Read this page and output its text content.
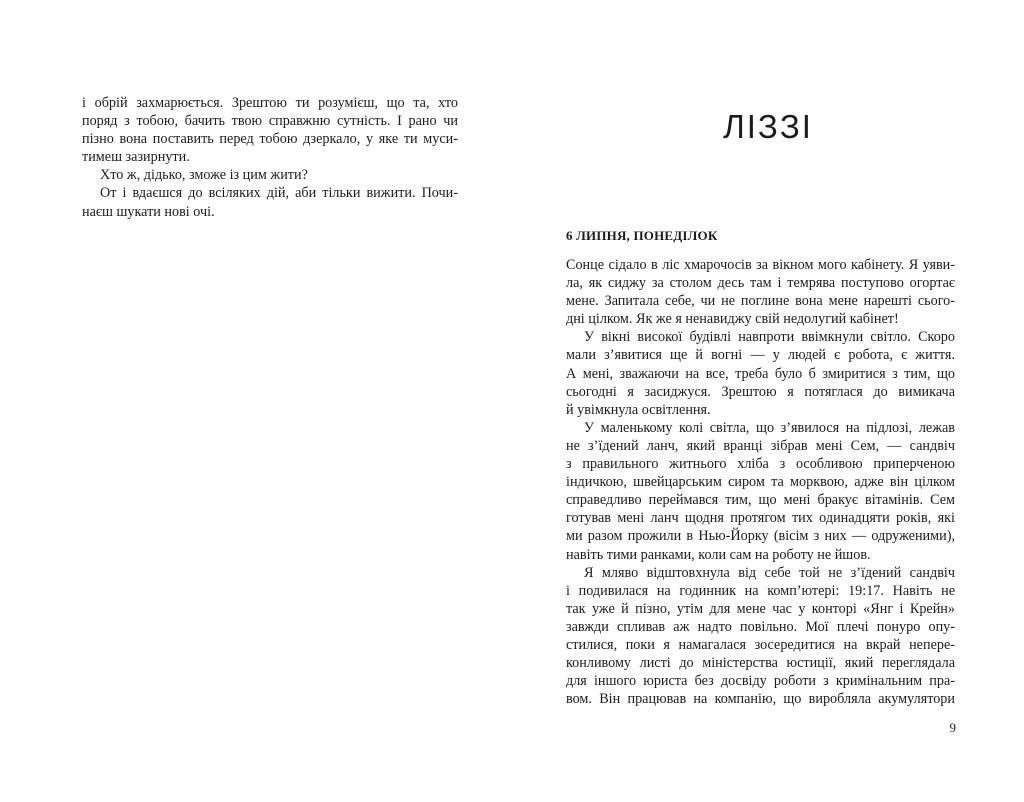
і обрій захмарюється. Зрештою ти розумієш, що та, хто
поряд з тобою, бачить твою справжню сутність. І рано чи
пізно вона поставить перед тобою дзеркало, у яке ти муси-
тимеш зазирнути.

Хто ж, дідько, зможе із цим жити?

От і вдаєшся до всіляких дій, аби тільки вижити. Почи-
наєш шукати нові очі.

ЛІЗЗІ
6 ЛИПНЯ, ПОНЕДІЛОК

Сонце сідало в ліс хмарочосів за вікном мого кабінету. Я уяви-
ла, як сиджу за столом десь там і темрява поступово огортає
мене. Запитала себе, чи не поглине вона мене нарешті сього-
дні цілком. Як же я ненавиджу свій недолугий кабінет!

У вікні високої будівлі навпроти ввімкнули світло. Скоро
мали з’явитися ще й вогні — у людей є робота, є життя.
А мені, зважаючи на все, треба було б змиритися з тим, що
сьогодні я засиджуся. Зрештою я потяглася до вимикача
й увімкнула освітлення.

У маленькому колі світла, що з’явилося на підлозі, лежав
не з’їдений ланч, який вранці зібрав мені Сем, — сандвіч
з правильного житнього хліба з особливою приперченою
індичкою, швейцарським сиром та морквою, адже він цілком
справедливо переймався тим, що мені бракує вітамінів. Сем
готував мені ланч щодня протягом тих одинадцяти років, які
ми разом прожили в Нью-Йорку (вісім з них — одруженими),
навіть тими ранками, коли сам на роботу не йшов.

Я мляво відштовхнула від себе той не з’їдений сандвіч
і подивилася на годинник на комп’ютері: 19:17. Навіть не
так уже й пізно, утім для мене час у конторі «Янг і Крейн»
завжди спливав аж надто повільно. Мої плечі понуро опу-
стилися, поки я намагалася зосередитися на вкрай непере-
конливому листі до міністерства юстиції, який переглядала
для іншого юриста без досвіду роботи з кримінальним пра-
вом. Він працював на компанію, що виробляла акумулятори

9
